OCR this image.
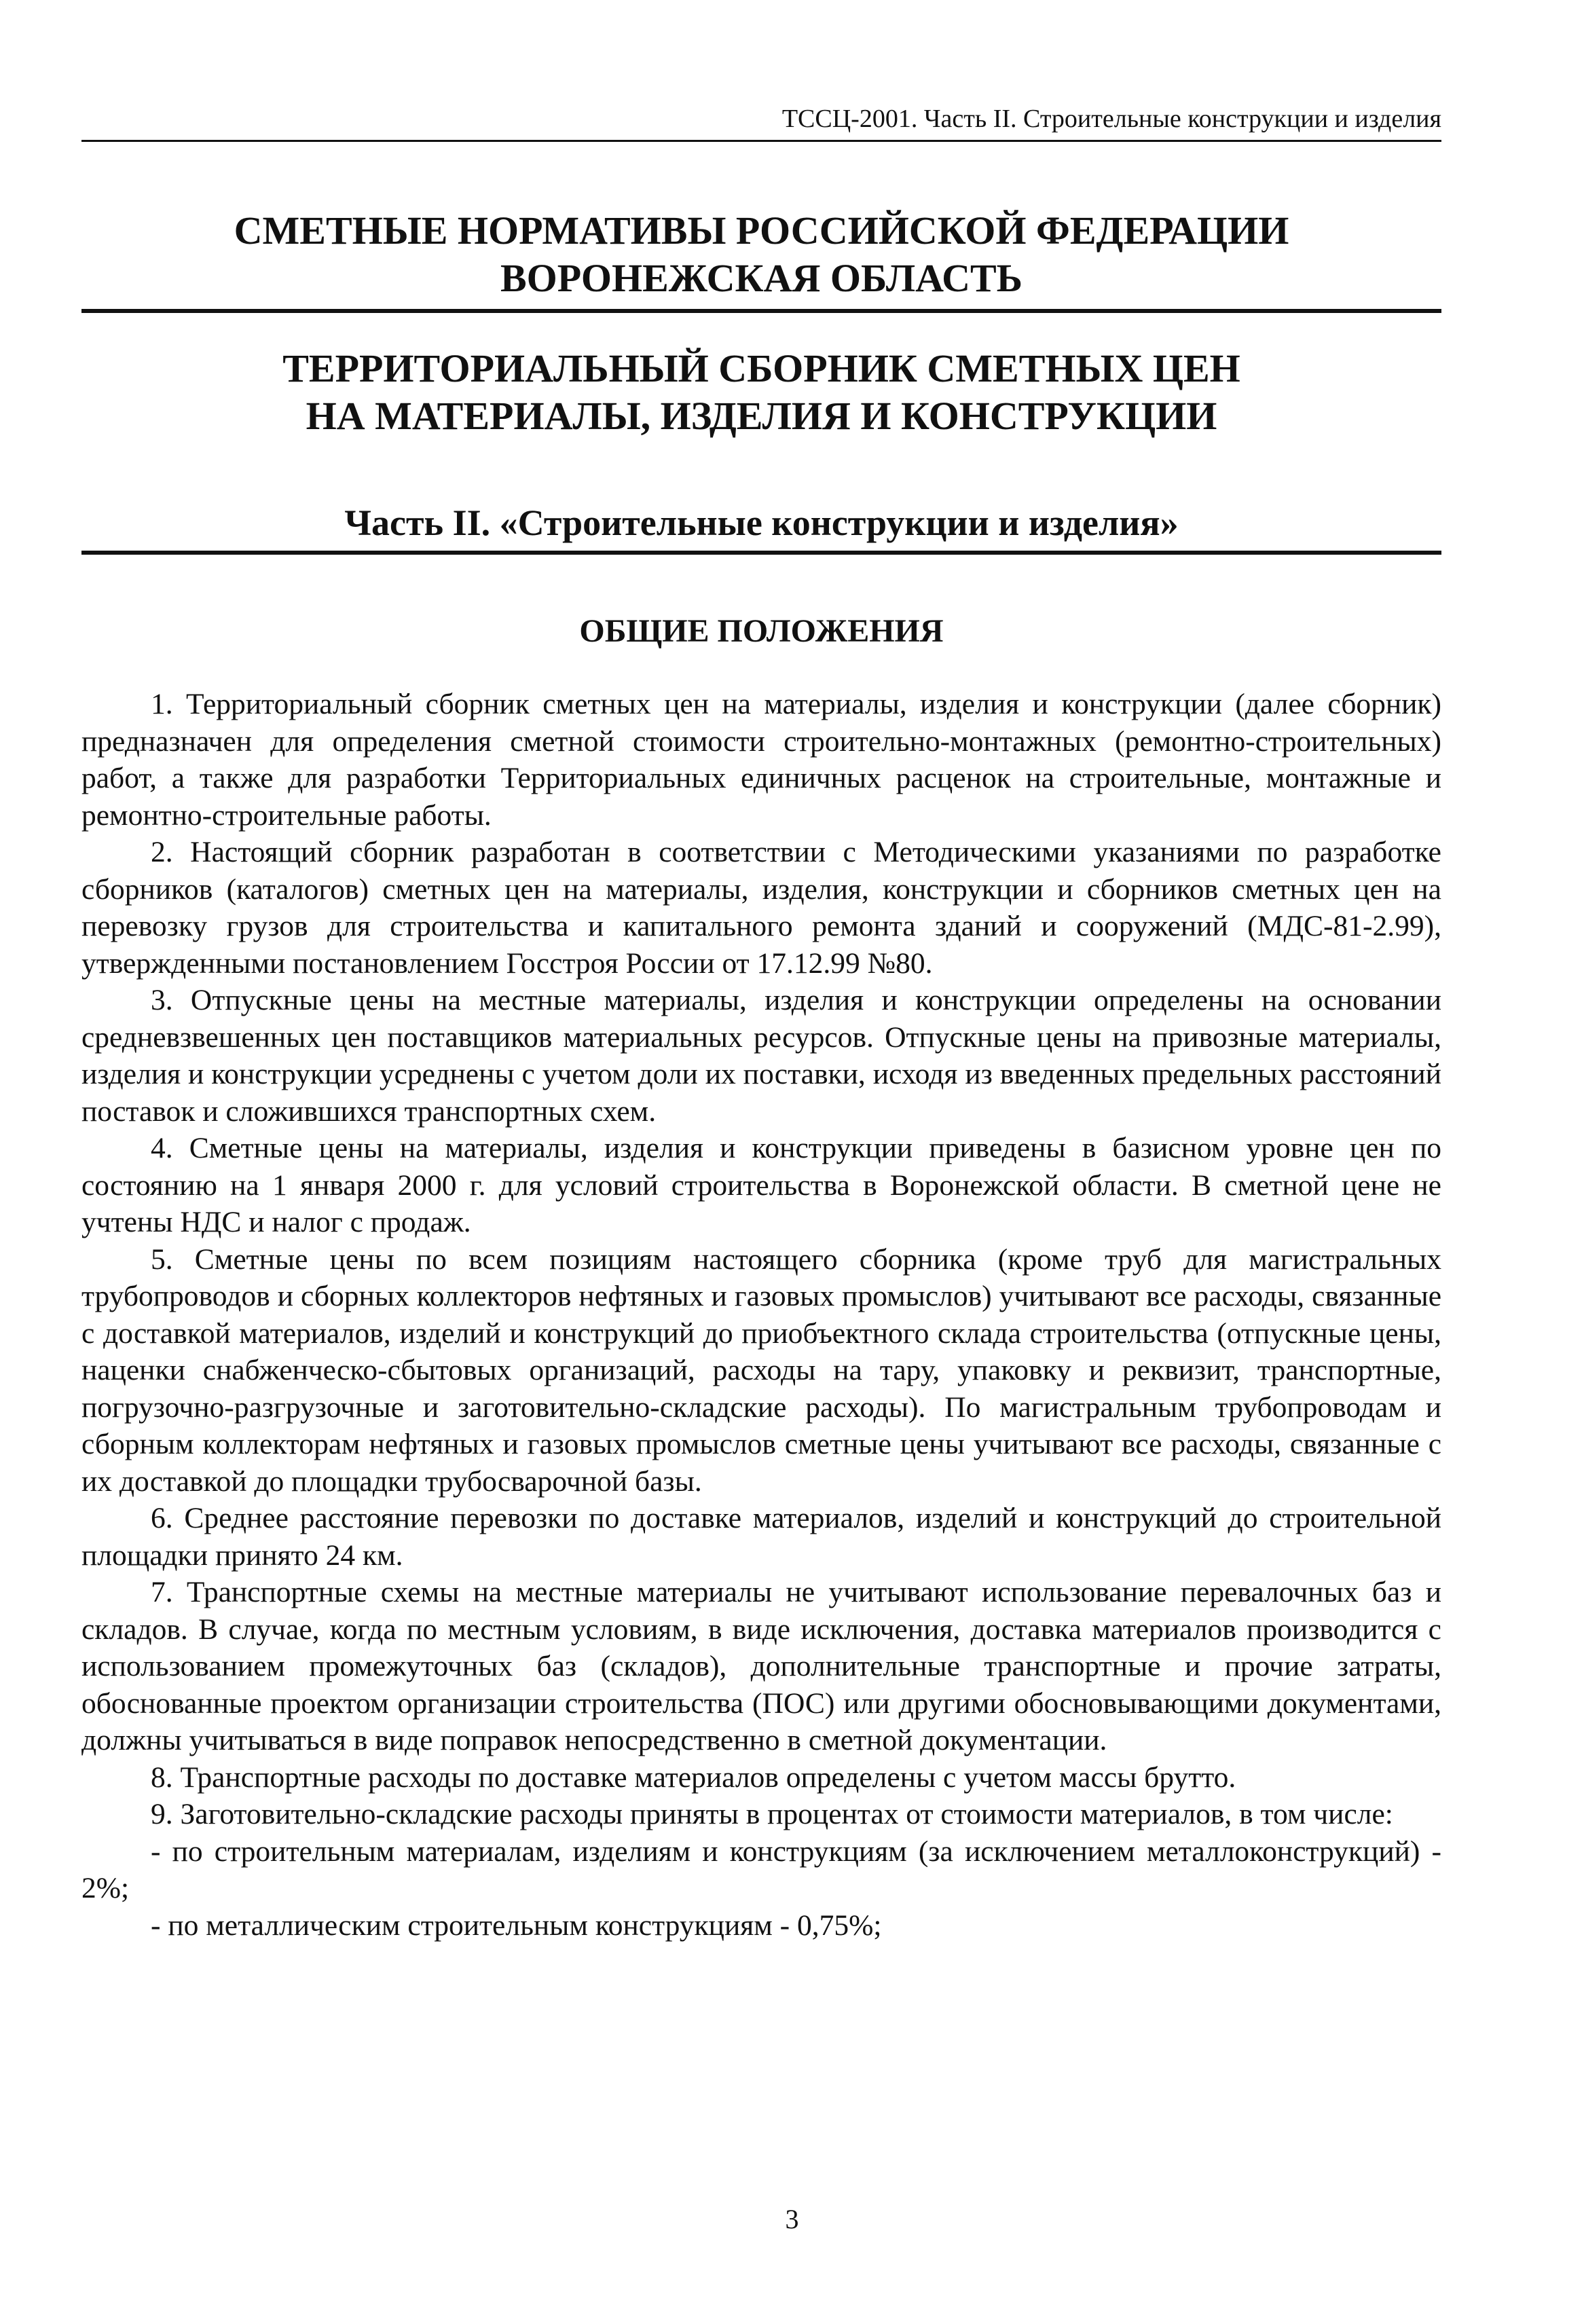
ТССЦ-2001. Часть II. Строительные конструкции и изделия
СМЕТНЫЕ НОРМАТИВЫ РОССИЙСКОЙ ФЕДЕРАЦИИ
ВОРОНЕЖСКАЯ ОБЛАСТЬ
ТЕРРИТОРИАЛЬНЫЙ СБОРНИК СМЕТНЫХ ЦЕН
НА МАТЕРИАЛЫ, ИЗДЕЛИЯ И КОНСТРУКЦИИ
Часть II. «Строительные конструкции и изделия»
ОБЩИЕ ПОЛОЖЕНИЯ

1. Территориальный сборник сметных цен на материалы, изделия и конструкции (далее сборник) предназначен для определения сметной стоимости строительно-монтажных (ремонтно-строительных) работ, а также для разработки Территориальных единичных расценок на строительные, монтажные и ремонтно-строительные работы.

2. Настоящий сборник разработан в соответствии с Методическими указаниями по разработке сборников (каталогов) сметных цен на материалы, изделия, конструкции и сборников сметных цен на перевозку грузов для строительства и капитального ремонта зданий и сооружений (МДС-81-2.99), утвержденными постановлением Госстроя России от 17.12.99 №80.

3. Отпускные цены на местные материалы, изделия и конструкции определены на основании средневзвешенных цен поставщиков материальных ресурсов. Отпускные цены на привозные материалы, изделия и конструкции усреднены с учетом доли их поставки, исходя из введенных предельных расстояний поставок и сложившихся транспортных схем.

4. Сметные цены на материалы, изделия и конструкции приведены в базисном уровне цен по состоянию на 1 января 2000 г. для условий строительства в Воронежской области. В сметной цене не учтены НДС и налог с продаж.

5. Сметные цены по всем позициям настоящего сборника (кроме труб для магистральных трубопроводов и сборных коллекторов нефтяных и газовых промыслов) учитывают все расходы, связанные с доставкой материалов, изделий и конструкций до приобъектного склада строительства (отпускные цены, наценки снабженческо-сбытовых организаций, расходы на тару, упаковку и реквизит, транспортные, погрузочно-разгрузочные и заготовительно-складские расходы). По магистральным трубопроводам и сборным коллекторам нефтяных и газовых промыслов сметные цены учитывают все расходы, связанные с их доставкой до площадки трубосварочной базы.

6. Среднее расстояние перевозки по доставке материалов, изделий и конструкций до строительной площадки принято 24 км.

7. Транспортные схемы на местные материалы не учитывают использование перевалочных баз и складов. В случае, когда по местным условиям, в виде исключения, доставка материалов производится с использованием промежуточных баз (складов), дополнительные транспортные и прочие затраты, обоснованные проектом организации строительства (ПОС) или другими обосновывающими документами, должны учитываться в виде поправок непосредственно в сметной документации.

8. Транспортные расходы по доставке материалов определены с учетом массы брутто.

9. Заготовительно-складские расходы приняты в процентах от стоимости материалов, в том числе:

- по строительным материалам, изделиям и конструкциям (за исключением металлоконструкций) - 2%;

- по металлическим строительным конструкциям - 0,75%;

3
